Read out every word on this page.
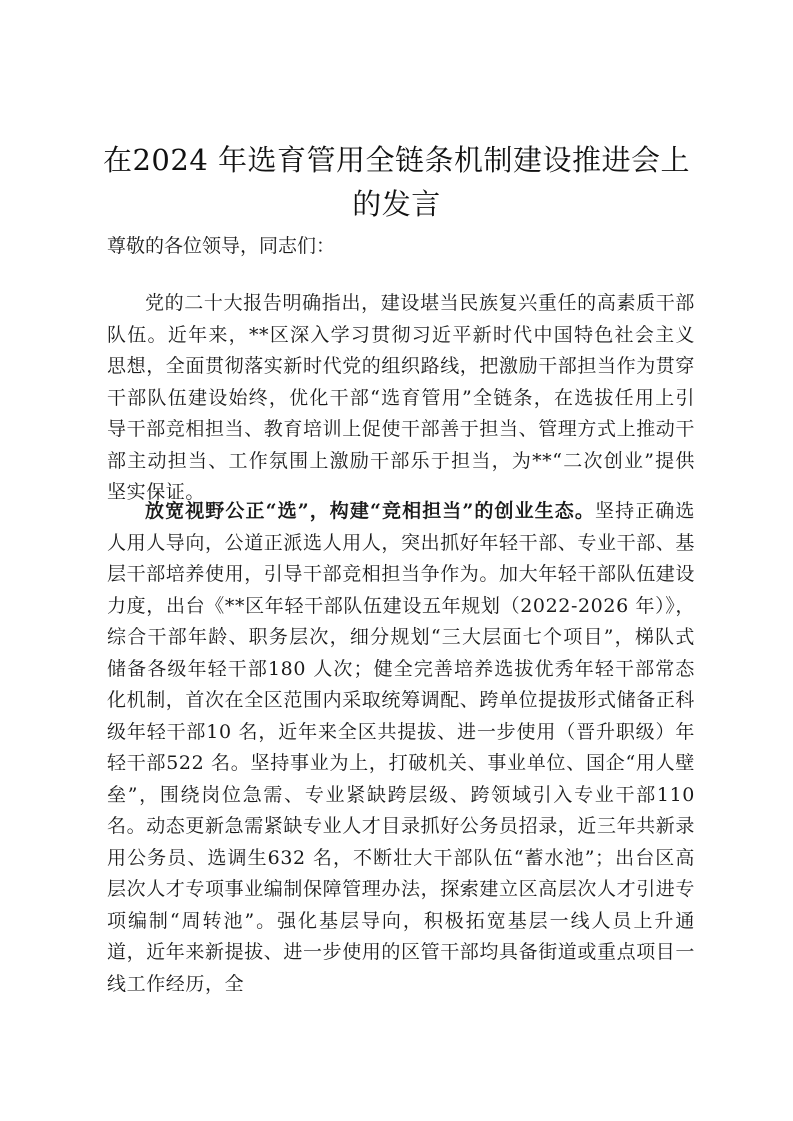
在2024 年选育管用全链条机制建设推进会上的发言

尊敬的各位领导，同志们：

党的二十大报告明确指出，建设堪当民族复兴重任的高素质干部队伍。近年来，**区深入学习贯彻习近平新时代中国特色社会主义思想，全面贯彻落实新时代党的组织路线，把激励干部担当作为贯穿干部队伍建设始终，优化干部“选育管用”全链条，在选拔任用上引导干部竞相担当、教育培训上促使干部善于担当、管理方式上推动干部主动担当、工作氛围上激励干部乐于担当，为**“二次创业”提供坚实保证。

放宽视野公正“选”，构建“竞相担当”的创业生态。坚持正确选人用人导向，公道正派选人用人，突出抓好年轻干部、专业干部、基层干部培养使用，引导干部竞相担当争作为。加大年轻干部队伍建设力度，出台《**区年轻干部队伍建设五年规划（2022-2026 年）》，综合干部年龄、职务层次，细分规划“三大层面七个项目”，梯队式储备各级年轻干部180 人次；健全完善培养选拔优秀年轻干部常态化机制，首次在全区范围内采取统筹调配、跨单位提拔形式储备正科级年轻干部10 名，近年来全区共提拔、进一步使用（晋升职级）年轻干部522 名。坚持事业为上，打破机关、事业单位、国企“用人壁垒”，围绕岗位急需、专业紧缺跨层级、跨领域引入专业干部110 名。动态更新急需紧缺专业人才目录抓好公务员招录，近三年共新录用公务员、选调生632 名，不断壮大干部队伍“蓄水池”；出台区高层次人才专项事业编制保障管理办法，探索建立区高层次人才引进专项编制“周转池”。强化基层导向，积极拓宽基层一线人员上升通道，近年来新提拔、进一步使用的区管干部均具备街道或重点项目一线工作经历，全
